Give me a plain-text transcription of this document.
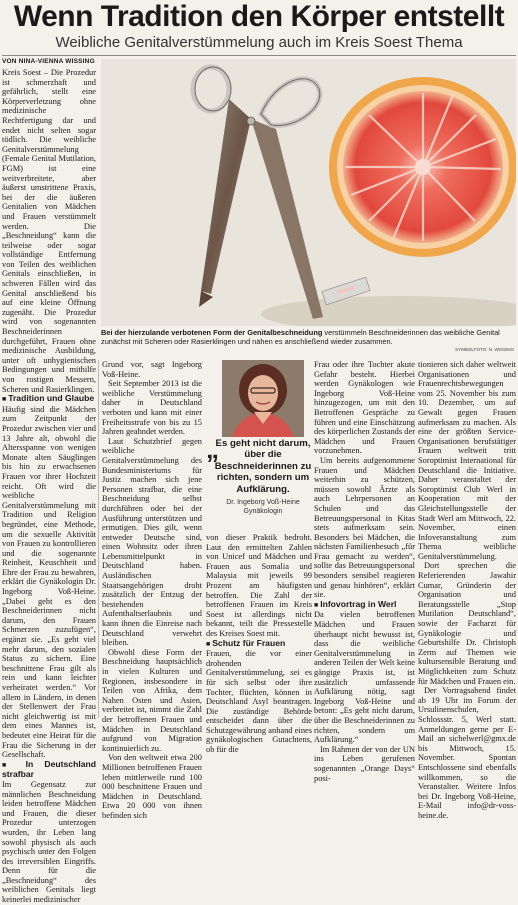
Wenn Tradition den Körper entstellt
Weibliche Genitalverstümmelung auch im Kreis Soest Thema
VON NINA-VIENNA WISSING
Bei der hierzulande verbotenen Form der Genitalbeschneidung verstümmeln Beschneiderinnen das weibliche Genital zunächst mit Scheren oder Rasierklingen und nähen es anschließend wieder zusammen.
SYMBOLFOTO: N. WISSING

Kreis Soest – Die Prozedur ist schmerzhaft und gefährlich, stellt eine Körperverletzung ohne medizinische Rechtfertigung dar und endet nicht selten sogar tödlich. Die weibliche Genitalverstümmelung (Female Genital Mutilation, FGM) ist eine weitverbreitete, aber äußerst umstrittene Praxis, bei der die äußeren Genitalien von Mädchen und Frauen verstümmelt werden. Die „Beschneidung“ kann die teilweise oder sogar vollständige Entfernung von Teilen des weiblichen Genitals einschließen, in schweren Fällen wird das Genital anschließend bis auf eine kleine Öffnung zugenäht. Die Prozedur wird von sogenannten Beschneiderinnen durchgeführt, Frauen ohne medizinische Ausbildung, unter oft unhygienischen Bedingungen und mithilfe von rostigen Messern, Scheren und Rasierklingen.

■ Tradition und Glaube

Häufig sind die Mädchen zum Zeitpunkt der Prozedur zwischen vier und 13 Jahre alt, obwohl die Altersspanne von wenigen Monate alten Säuglingen bis hin zu erwachsenen Frauen vor ihrer Hochzeit reicht. Oft wird die weibliche Genitalverstümmelung mit Tradition und Religion begründet, eine Methode, um die sexuelle Aktivität von Frauen zu kontrollieren und die sogenannte Reinheit, Keuschheit und Ehre der Frau zu bewahren, erklärt die Gynäkologin Dr. Ingeborg Voß-Heine. „Dabei geht es den Beschneiderinnen nicht darum, den Frauen Schmerzen zuzufügen“, ergänzt sie. „Es geht viel mehr darum, den sozialen Status zu sichern. Eine beschnittene Frau gilt als rein und kann leichter verheiratet werden.“ Vor allem in Ländern, in denen der Stellenwert der Frau nicht gleichwertig ist mit dem eines Mannes ist, bedeutet eine Heirat für die Frau die Sicherung in der Gesellschaft.

■ In Deutschland strafbar

Im Gegensatz zur männlichen Beschneidung leiden betroffene Mädchen und Frauen, die dieser Prozedur unterzogen wurden, ihr Leben lang sowohl physisch als auch psychisch unter den Folgen des irreversiblen Eingriffs. Denn für die „Beschneidung“ des weiblichen Genitals liegt keinerlei medizinischer

Grund vor, sagt Ingeborg Voß-Heine.

Seit September 2013 ist die weibliche Verstümmelung daher in Deutschland verboten und kann mit einer Freiheitsstrafe von bis zu 15 Jahren geahndet werden.

Laut Schutzbrief gegen weibliche Genitalverstümmelung des Bundesministeriums für Justiz machen sich jene Personen strafbar, die eine Beschneidung selbst durchführen oder bei der Ausführung unterstützen und ermutigen. Dies gilt, wenn entweder Deutsche sind, einen Wohnsitz oder ihren Lebensmittelpunkt in Deutschland haben. Ausländischen Staatsangehörigen droht zusätzlich der Entzug der bestehenden Aufenthaltserlaubnis und kann ihnen die Einreise nach Deutschland verwehrt bleiben.

Obwohl diese Form der Beschneidung hauptsächlich in vielen Kulturen und Regionen, insbesondere in Teilen von Afrika, dem Nahen Osten und Asien, verbreitet ist, nimmt die Zahl der betroffenen Frauen und Mädchen in Deutschland aufgrund von Migration kontinuierlich zu.

Von den weltweit etwa 200 Millionen betroffenen Frauen leben mittlerweile rund 100 000 beschnittene Frauen und Mädchen in Deutschland. Etwa 20 000 von ihnen befinden sich

„
Es geht nicht darum, über die Beschneiderinnen zu richten, sondern um Aufklärung.
Dr. Ingeborg Voß-Heine
Gynäkologin

von dieser Praktik bedroht. Laut den ermittelten Zahlen von Unicef und Mädchen und Frauen aus Somalia und Malaysia mit jeweils 99 Prozent am häufigsten betroffen. Die Zahl der betroffenen Frauen im Kreis Soest ist allerdings nicht bekannt, teilt die Pressestelle des Kreises Soest mit.

■ Schutz für Frauen

Frauen, die vor einer drohenden Genitalverstümmelung, sei es für sich selbst oder ihre Tochter, flüchten, können in Deutschland Asyl beantragen. Die zuständige Behörde entscheidet dann über die Schutzgewährung anhand eines gynäkologischen Gutachtens, ob für die

Frau oder ihre Tochter akute Gefahr besteht. Hierbei werden Gynäkologen wie Ingeborg Voß-Heine hinzugezogen, um mit den Betroffenen Gespräche zu führen und eine Einschätzung des körperlichen Zustands der Mädchen und Frauen vorzunehmen.

Um bereits aufgenommene Frauen und Mädchen weiterhin zu schützen, müssen sowohl Ärzte als auch Lehrpersonen an Schulen und das Betreuungspersonal in Kitas stets aufmerksam sein. Besonders bei Mädchen, die nächsten Familienbesuch „für Frau gemacht zu werden“, sollte das Betreuungspersonal besonders sensibel reagieren und genau hinhören“, erklärt sie.

■ Infovortrag in Werl

Da vielen betroffenen Mädchen und Frauen überhaupt nicht bewusst ist, dass die weibliche Genitalverstümmelung in anderen Teilen der Welt keine gängige Praxis ist, ist zusätzlich umfassende Aufklärung nötig, sagt Ingeborg Voß-Heine und betont: „Es geht nicht darum, über die Beschneiderinnen zu richten, sondern um Aufklärung.“

Im Rahmen der von der UN ins Leben gerufenen sogenannten „Orange Days“ posi-

tionieren sich daher weltweit Organisationen und Frauenrechtsbewegungen vom 25. November bis zum 10. Dezember, um auf Gewalt gegen Frauen aufmerksam zu machen. Als eine der größten Service-Organisationen berufstätiger Frauen weltweit tritt Soroptimist International für Deutschland die Initiative. Daher veranstaltet der Soroptimist Club Werl in Kooperation mit der Gleichstellungsstelle der Stadt Werl am Mittwoch, 22. November, einen Infoveranstaltung zum Thema weibliche Genitalverstümmelung.

Dort sprechen die Referierenden Jawahir Cumar, Gründerin der Organisation und Beratungsstelle „Stop Mutilation Deutschland“, sowie der Facharzt für Gynäkologie und Geburtshilfe Dr. Christoph Zerm auf Themen wie kultursensible Beratung und Möglichkeiten zum Schutz für Mädchen und Frauen ein.

Der Vortragsabend findet ab 19 Uhr im Forum der Ursulinenschulen, Schlossstr. 5, Werl statt. Anmeldungen gerne per E-Mail an sichelwerl@gmx.de bis Mittwoch, 15. November. Spontan Entschlossene sind ebenfalls willkommen, so die Veranstalter. Weitere Infos bei Dr. Ingeborg Voß-Heine, E-Mail info@dr-voss-heine.de.
